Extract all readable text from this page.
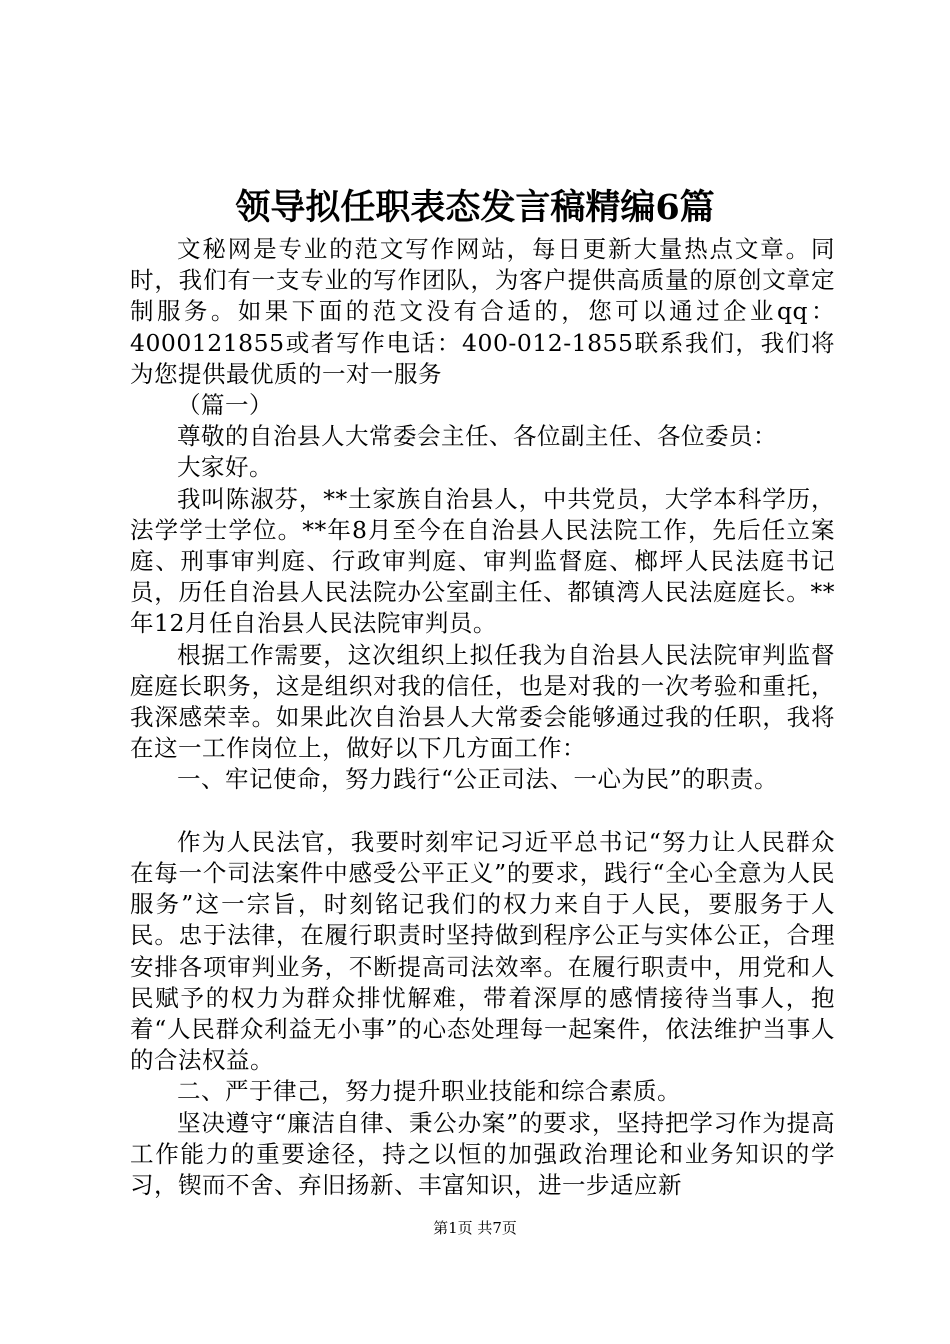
领导拟任职表态发言稿精编6篇

文秘网是专业的范文写作网站，每日更新大量热点文章。同时，我们有一支专业的写作团队，为客户提供高质量的原创文章定制服务。如果下面的范文没有合适的，您可以通过企业qq：4000121855或者写作电话：400-012-1855联系我们，我们将为您提供最优质的一对一服务

（篇一）

尊敬的自治县人大常委会主任、各位副主任、各位委员：

大家好。

我叫陈淑芬，**土家族自治县人，中共党员，大学本科学历，法学学士学位。**年8月至今在自治县人民法院工作，先后任立案庭、刑事审判庭、行政审判庭、审判监督庭、榔坪人民法庭书记员，历任自治县人民法院办公室副主任、都镇湾人民法庭庭长。**年12月任自治县人民法院审判员。

根据工作需要，这次组织上拟任我为自治县人民法院审判监督庭庭长职务，这是组织对我的信任，也是对我的一次考验和重托，我深感荣幸。如果此次自治县人大常委会能够通过我的任职，我将在这一工作岗位上，做好以下几方面工作：

一、牢记使命，努力践行“公正司法、一心为民”的职责。

作为人民法官，我要时刻牢记习近平总书记“努力让人民群众在每一个司法案件中感受公平正义”的要求，践行“全心全意为人民服务”这一宗旨，时刻铭记我们的权力来自于人民，要服务于人民。忠于法律，在履行职责时坚持做到程序公正与实体公正，合理安排各项审判业务，不断提高司法效率。在履行职责中，用党和人民赋予的权力为群众排忧解难，带着深厚的感情接待当事人，抱着“人民群众利益无小事”的心态处理每一起案件，依法维护当事人的合法权益。

二、严于律己，努力提升职业技能和综合素质。

坚决遵守“廉洁自律、秉公办案”的要求，坚持把学习作为提高工作能力的重要途径，持之以恒的加强政治理论和业务知识的学习，锲而不舍、弃旧扬新、丰富知识，进一步适应新

第1页 共7页
